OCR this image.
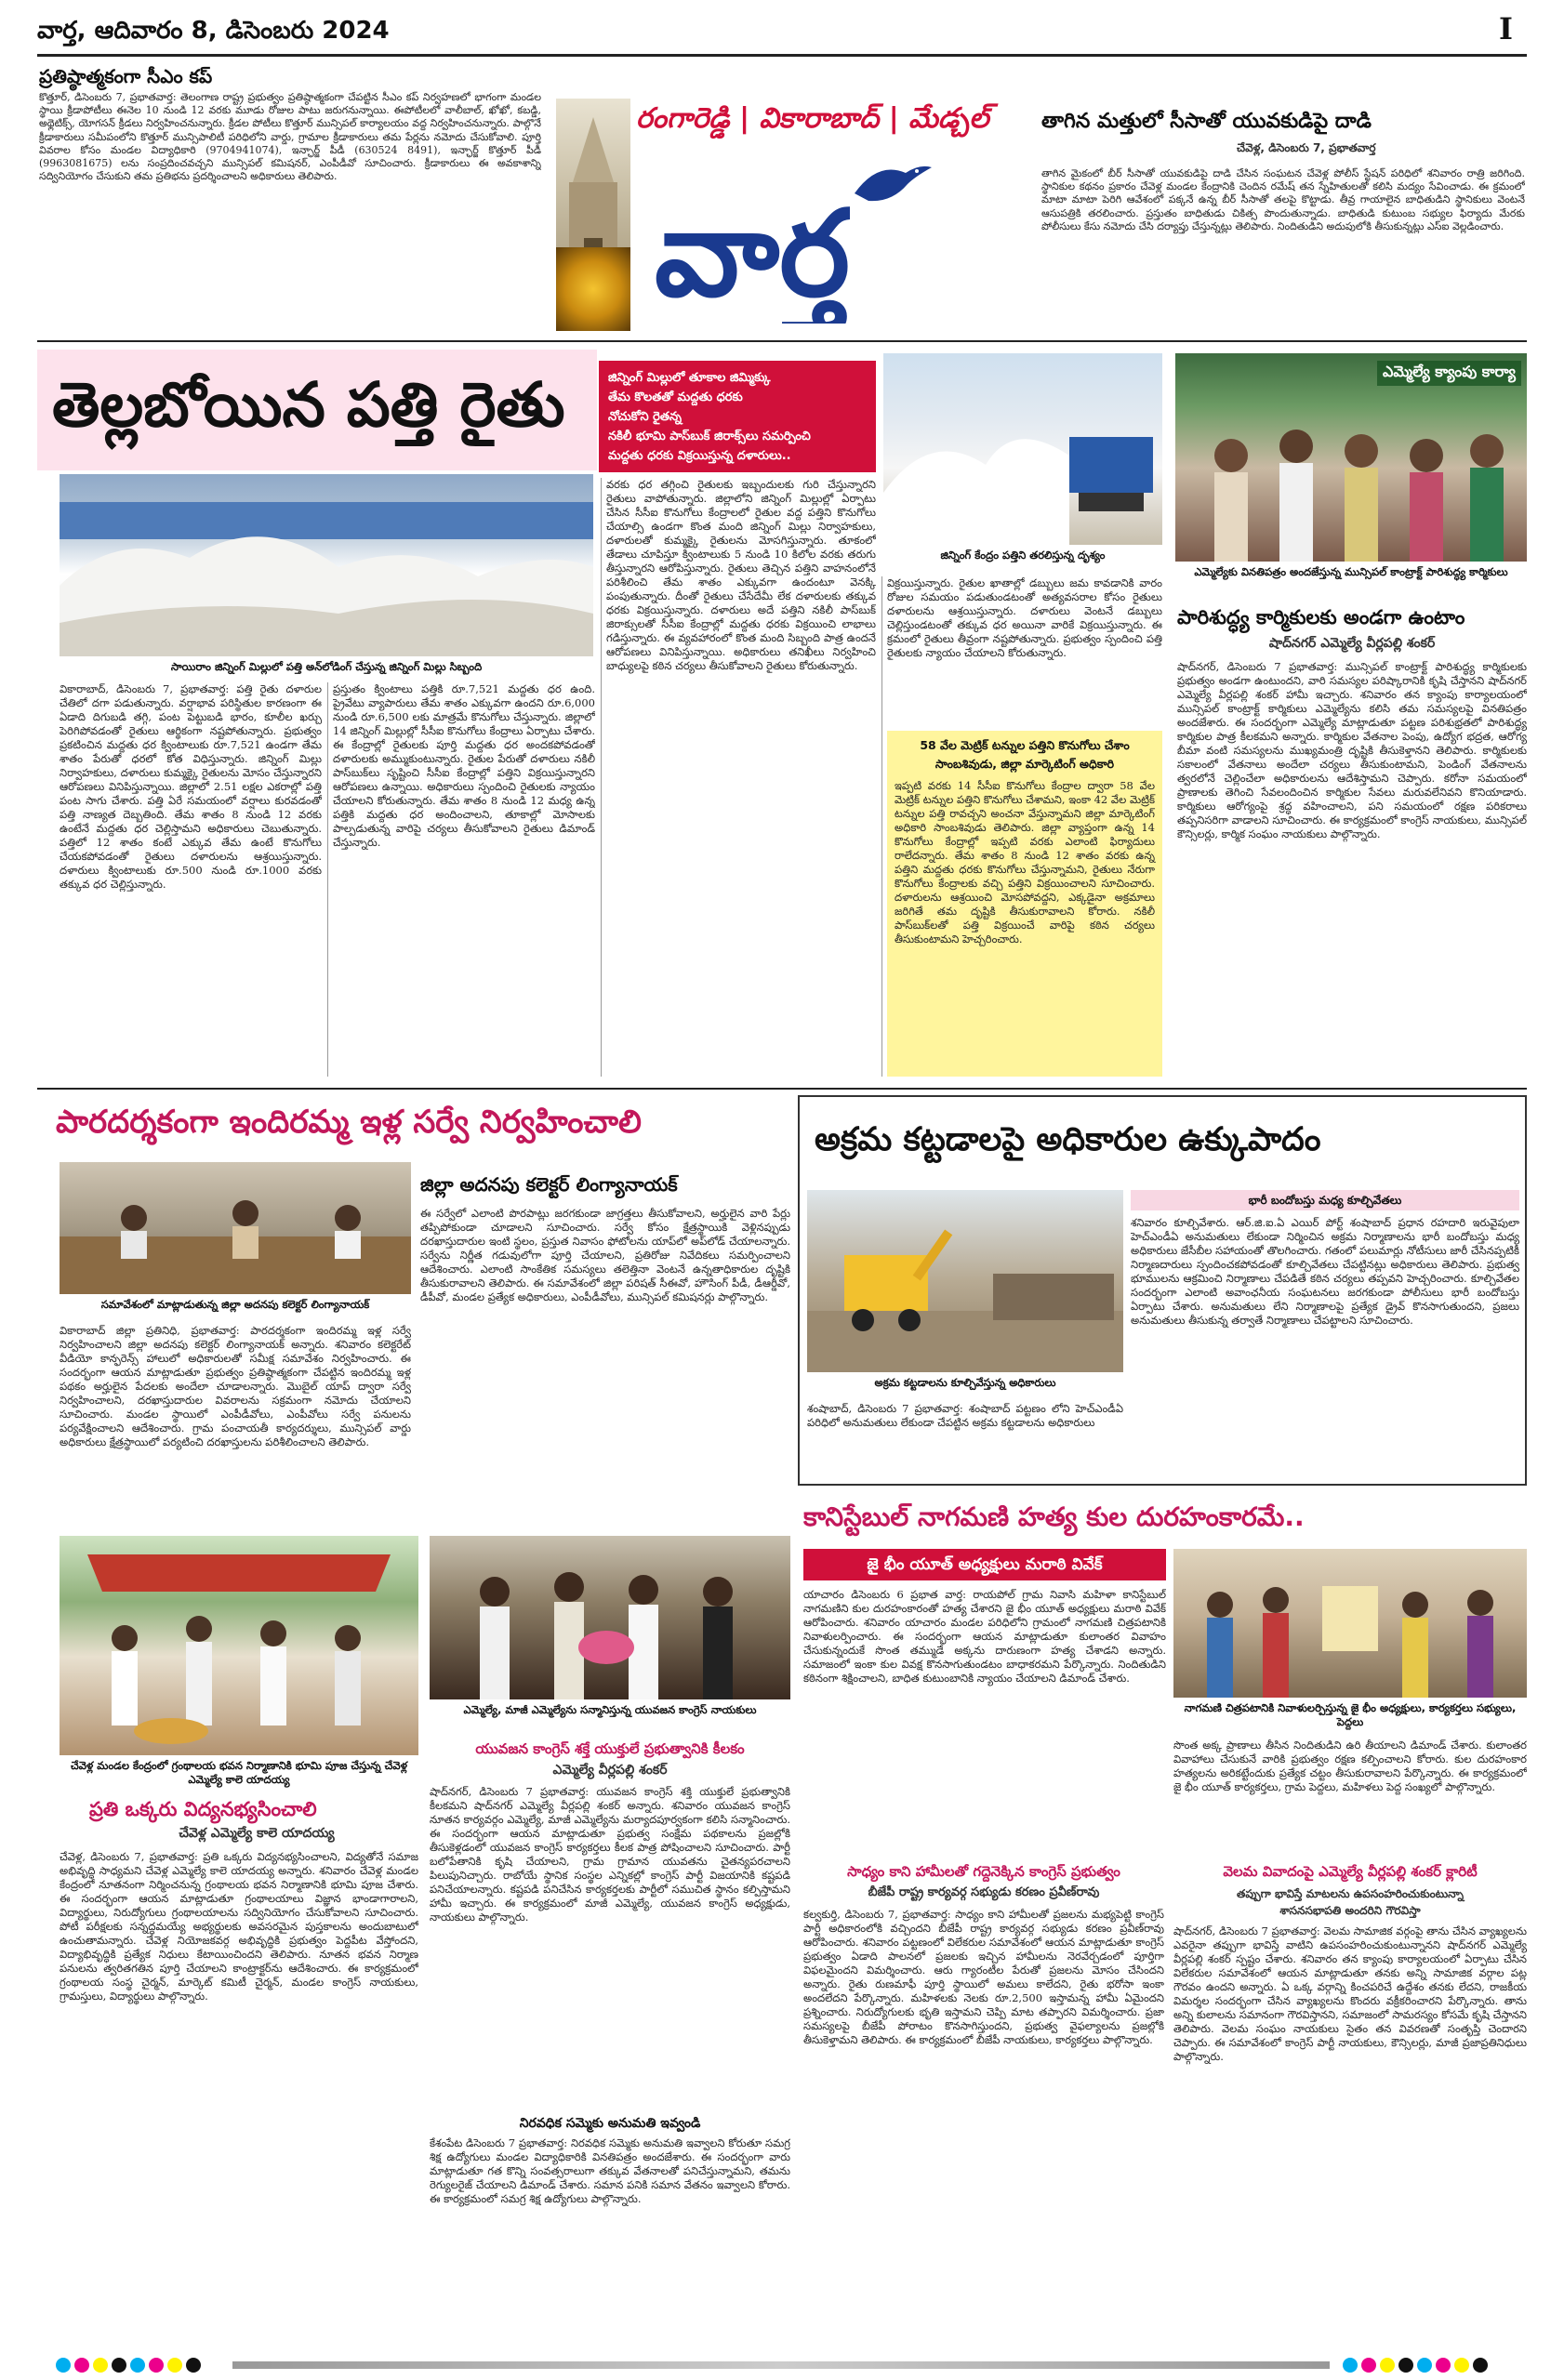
వార్త, ఆదివారం 8, డిసెంబరు 2024	I
ప్రతిష్ఠాత్మకంగా సీఎం కప్
కొత్తూర్, డిసెంబరు 7, ప్రభాతవార్త: తెలంగాణ రాష్ట్ర ప్రభుత్వం ప్రతిష్ఠాత్మకంగా చేపట్టిన సీఎం కప్ నిర్వహణలో భాగంగా మండల స్థాయి క్రీడాపోటీలు ఈనెల 10 నుండి 12 వరకు మూడు రోజుల పాటు జరుగనున్నాయి. ఈపోటీలలో వాలీబాల్, ఖోఖో, కబడ్డి, అథ్లెటిక్స్, యోగసన్ క్రీడలు నిర్వహించనున్నారు. క్రీడల పోటీలు కొత్తూర్ మున్సిపల్ కార్యాలయం వద్ద నిర్వహించనున్నారు. పాల్గొనే క్రీడాకారులు సమీపంలోని కొత్తూర్ మున్సిపాలిటీ పరిధిలోని వార్డు, గ్రామాల క్రీడాకారులు తమ పేర్లను నమోదు చేసుకోవాలి. పూర్తి వివరాల కోసం మండల విద్యాధికారి (9704941074), ఇన్ఛార్జ్ పీడీ (630524 8491), ఇన్ఛార్జ్ కొత్తూర్ పీడీ (9963081675) లను సంప్రదించవచ్చని మున్సిపల్ కమిషనర్, ఎంపీడీవో సూచించారు. క్రీడాకారులు ఈ అవకాశాన్ని సద్వినియోగం చేసుకుని తమ ప్రతిభను ప్రదర్శించాలని అధికారులు తెలిపారు.
రంగారెడ్డి | వికారాబాద్ | మేడ్చల్
వార్త
తాగిన మత్తులో సీసాతో యువకుడిపై దాడి
చేవెళ్ల, డిసెంబరు 7, ప్రభాతవార్త
తాగిన మైకంలో బీర్ సీసాతో యువకుడిపై దాడి చేసిన సంఘటన చేవెళ్ల పోలీస్ స్టేషన్ పరిధిలో శనివారం రాత్రి జరిగింది. స్థానికుల కథనం ప్రకారం చేవెళ్ల మండల కేంద్రానికి చెందిన రమేష్ తన స్నేహితులతో కలిసి మద్యం సేవించాడు. ఈ క్రమంలో మాటా మాటా పెరిగి ఆవేశంలో పక్కనే ఉన్న బీర్ సీసాతో తలపై కొట్టాడు. తీవ్ర గాయాలైన బాధితుడిని స్థానికులు వెంటనే ఆసుపత్రికి తరలించారు. ప్రస్తుతం బాధితుడు చికిత్స పొందుతున్నాడు. బాధితుడి కుటుంబ సభ్యుల ఫిర్యాదు మేరకు పోలీసులు కేసు నమోదు చేసి దర్యాప్తు చేస్తున్నట్లు తెలిపారు. నిందితుడిని అదుపులోకి తీసుకున్నట్లు ఎస్ఐ వెల్లడించారు.
తెల్లబోయిన పత్తి రైతు	జిన్నింగ్ మిల్లులో తూకాల జిమ్మిక్కు
తేమ కొలతతో మద్దతు ధరకు
నోచుకోని రైతన్న
నకిలీ భూమి పాస్‌బుక్ జిరాక్స్‌లు సమర్పించి
మద్దతు ధరకు విక్రయిస్తున్న దళారులు..
సాయిరాం జిన్నింగ్ మిల్లులో పత్తి అన్‌లోడింగ్ చేస్తున్న జిన్నింగ్ మిల్లు సిబ్బంది
జిన్నింగ్ కేంద్రం పత్తిని తరలిస్తున్న దృశ్యం
వికారాబాద్, డిసెంబరు 7, ప్రభాతవార్త: పత్తి రైతు దళారుల చేతిలో దగా పడుతున్నారు. వర్షాభావ పరిస్థితుల కారణంగా ఈ ఏడాది దిగుబడి తగ్గి, పంట పెట్టుబడి భారం, కూలీల ఖర్చు పెరిగిపోవడంతో రైతులు ఆర్థికంగా నష్టపోతున్నారు. ప్రభుత్వం ప్రకటించిన మద్దతు ధర క్వింటాలుకు రూ.7,521 ఉండగా తేమ శాతం పేరుతో ధరలో కోత విధిస్తున్నారు. జిన్నింగ్ మిల్లు నిర్వాహకులు, దళారులు కుమ్మక్కై రైతులను మోసం చేస్తున్నారని ఆరోపణలు వినిపిస్తున్నాయి. జిల్లాలో 2.51 లక్షల ఎకరాల్లో పత్తి పంట సాగు చేశారు. పత్తి ఏరే సమయంలో వర్షాలు కురవడంతో పత్తి నాణ్యత దెబ్బతింది. తేమ శాతం 8 నుండి 12 వరకు ఉంటేనే మద్దతు ధర చెల్లిస్తామని అధికారులు చెబుతున్నారు. పత్తిలో 12 శాతం కంటే ఎక్కువ తేమ ఉంటే కొనుగోలు చేయకపోవడంతో రైతులు దళారులను ఆశ్రయిస్తున్నారు. దళారులు క్వింటాలుకు రూ.500 నుండి రూ.1000 వరకు తక్కువ ధర చెల్లిస్తున్నారు.
ప్రస్తుతం క్వింటాలు పత్తికి రూ.7,521 మద్దతు ధర ఉంది. ప్రైవేటు వ్యాపారులు తేమ శాతం ఎక్కువగా ఉందని రూ.6,000 నుండి రూ.6,500 లకు మాత్రమే కొనుగోలు చేస్తున్నారు. జిల్లాలో 14 జిన్నింగ్ మిల్లుల్లో సీసీఐ కొనుగోలు కేంద్రాలు ఏర్పాటు చేశారు. ఈ కేంద్రాల్లో రైతులకు పూర్తి మద్దతు ధర అందకపోవడంతో దళారులకు అమ్ముకుంటున్నారు. రైతుల పేరుతో దళారులు నకిలీ పాస్‌బుక్‌లు సృష్టించి సీసీఐ కేంద్రాల్లో పత్తిని విక్రయిస్తున్నారని ఆరోపణలు ఉన్నాయి. అధికారులు స్పందించి రైతులకు న్యాయం చేయాలని కోరుతున్నారు. తేమ శాతం 8 నుండి 12 మధ్య ఉన్న పత్తికి మద్దతు ధర అందించాలని, తూకాల్లో మోసాలకు పాల్పడుతున్న వారిపై చర్యలు తీసుకోవాలని రైతులు డిమాండ్ చేస్తున్నారు.
వరకు ధర తగ్గించి రైతులకు ఇబ్బందులకు గురి చేస్తున్నారని రైతులు వాపోతున్నారు. జిల్లాలోని జిన్నింగ్ మిల్లుల్లో ఏర్పాటు చేసిన సీసీఐ కొనుగోలు కేంద్రాలలో రైతుల వద్ద పత్తిని కొనుగోలు చేయాల్సి ఉండగా కొంత మంది జిన్నింగ్ మిల్లు నిర్వాహకులు, దళారులతో కుమ్మక్కై రైతులను మోసగిస్తున్నారు. తూకంలో తేడాలు చూపిస్తూ క్వింటాలుకు 5 నుండి 10 కిలోల వరకు తరుగు తీస్తున్నారని ఆరోపిస్తున్నారు. రైతులు తెచ్చిన పత్తిని వాహనంలోనే పరిశీలించి తేమ శాతం ఎక్కువగా ఉందంటూ వెనక్కి పంపుతున్నారు. దీంతో రైతులు చేసేదేమీ లేక దళారులకు తక్కువ ధరకు విక్రయిస్తున్నారు. దళారులు అదే పత్తిని నకిలీ పాస్‌బుక్ జిరాక్సులతో సీసీఐ కేంద్రాల్లో మద్దతు ధరకు విక్రయించి లాభాలు గడిస్తున్నారు. ఈ వ్యవహారంలో కొంత మంది సిబ్బంది పాత్ర ఉందనే ఆరోపణలు వినిపిస్తున్నాయి. అధికారులు తనిఖీలు నిర్వహించి బాధ్యులపై కఠిన చర్యలు తీసుకోవాలని రైతులు కోరుతున్నారు.
విక్రయిస్తున్నారు. రైతుల ఖాతాల్లో డబ్బులు జమ కావడానికి వారం రోజుల సమయం పడుతుండటంతో అత్యవసరాల కోసం రైతులు దళారులను ఆశ్రయిస్తున్నారు. దళారులు వెంటనే డబ్బులు చెల్లిస్తుండటంతో తక్కువ ధర అయినా వారికే విక్రయిస్తున్నారు. ఈ క్రమంలో రైతులు తీవ్రంగా నష్టపోతున్నారు. ప్రభుత్వం స్పందించి పత్తి రైతులకు న్యాయం చేయాలని కోరుతున్నారు.
58 వేల మెట్రిక్ టన్నుల పత్తిని కొనుగోలు చేశాం
సాంబశివుడు, జిల్లా మార్కెటింగ్ అధికారి
ఇప్పటి వరకు 14 సీసీఐ కొనుగోలు కేంద్రాల ద్వారా 58 వేల మెట్రిక్ టన్నుల పత్తిని కొనుగోలు చేశామని, ఇంకా 42 వేల మెట్రిక్ టన్నుల పత్తి రావచ్చని అంచనా వేస్తున్నామని జిల్లా మార్కెటింగ్ అధికారి సాంబశివుడు తెలిపారు. జిల్లా వ్యాప్తంగా ఉన్న 14 కొనుగోలు కేంద్రాల్లో ఇప్పటి వరకు ఎలాంటి ఫిర్యాదులు రాలేదన్నారు. తేమ శాతం 8 నుండి 12 శాతం వరకు ఉన్న పత్తిని మద్దతు ధరకు కొనుగోలు చేస్తున్నామని, రైతులు నేరుగా కొనుగోలు కేంద్రాలకు వచ్చి పత్తిని విక్రయించాలని సూచించారు. దళారులను ఆశ్రయించి మోసపోవద్దని, ఎక్కడైనా అక్రమాలు జరిగితే తమ దృష్టికి తీసుకురావాలని కోరారు. నకిలీ పాస్‌బుక్‌లతో పత్తి విక్రయించే వారిపై కఠిన చర్యలు తీసుకుంటామని హెచ్చరించారు.
ఎమ్మెల్యే క్యాంపు కార్యా
ఎమ్మెల్యేకు వినతిపత్రం అందజేస్తున్న మున్సిపల్ కాంట్రాక్ట్ పారిశుద్ధ్య కార్మికులు
పారిశుద్ధ్య కార్మికులకు అండగా ఉంటాం
షాద్‌నగర్ ఎమ్మెల్యే వీర్లపల్లి శంకర్
షాద్‌నగర్, డిసెంబరు 7 ప్రభాతవార్త: మున్సిపల్ కాంట్రాక్ట్ పారిశుద్ధ్య కార్మికులకు ప్రభుత్వం అండగా ఉంటుందని, వారి సమస్యల పరిష్కారానికి కృషి చేస్తానని షాద్‌నగర్ ఎమ్మెల్యే వీర్లపల్లి శంకర్ హామీ ఇచ్చారు. శనివారం తన క్యాంపు కార్యాలయంలో మున్సిపల్ కాంట్రాక్ట్ కార్మికులు ఎమ్మెల్యేను కలిసి తమ సమస్యలపై వినతిపత్రం అందజేశారు. ఈ సందర్భంగా ఎమ్మెల్యే మాట్లాడుతూ పట్టణ పరిశుభ్రతలో పారిశుద్ధ్య కార్మికుల పాత్ర కీలకమని అన్నారు. కార్మికుల వేతనాల పెంపు, ఉద్యోగ భద్రత, ఆరోగ్య బీమా వంటి సమస్యలను ముఖ్యమంత్రి దృష్టికి తీసుకెళ్తానని తెలిపారు. కార్మికులకు సకాలంలో వేతనాలు అందేలా చర్యలు తీసుకుంటామని, పెండింగ్ వేతనాలను త్వరలోనే చెల్లించేలా అధికారులను ఆదేశిస్తామని చెప్పారు. కరోనా సమయంలో ప్రాణాలకు తెగించి సేవలందించిన కార్మికుల సేవలు మరువలేనివని కొనియాడారు. కార్మికులు ఆరోగ్యంపై శ్రద్ధ వహించాలని, పని సమయంలో రక్షణ పరికరాలు తప్పనిసరిగా వాడాలని సూచించారు. ఈ కార్యక్రమంలో కాంగ్రెస్ నాయకులు, మున్సిపల్ కౌన్సిలర్లు, కార్మిక సంఘం నాయకులు పాల్గొన్నారు.
పారదర్శకంగా ఇందిరమ్మ ఇళ్ల సర్వే నిర్వహించాలి
సమావేశంలో మాట్లాడుతున్న జిల్లా అదనపు కలెక్టర్ లింగ్యానాయక్
జిల్లా అదనపు కలెక్టర్ లింగ్యానాయక్
వికారాబాద్ జిల్లా ప్రతినిధి, ప్రభాతవార్త: పారదర్శకంగా ఇందిరమ్మ ఇళ్ల సర్వే నిర్వహించాలని జిల్లా అదనపు కలెక్టర్ లింగ్యానాయక్ అన్నారు. శనివారం కలెక్టరేట్ వీడియో కాన్ఫరెన్స్ హాలులో అధికారులతో సమీక్ష సమావేశం నిర్వహించారు. ఈ సందర్భంగా ఆయన మాట్లాడుతూ ప్రభుత్వం ప్రతిష్ఠాత్మకంగా చేపట్టిన ఇందిరమ్మ ఇళ్ల పథకం అర్హులైన పేదలకు అందేలా చూడాలన్నారు. మొబైల్ యాప్ ద్వారా సర్వే నిర్వహించాలని, దరఖాస్తుదారుల వివరాలను సక్రమంగా నమోదు చేయాలని సూచించారు. మండల స్థాయిలో ఎంపీడీవోలు, ఎంపీవోలు సర్వే పనులను పర్యవేక్షించాలని ఆదేశించారు. గ్రామ పంచాయతీ కార్యదర్శులు, మున్సిపల్ వార్డు అధికారులు క్షేత్రస్థాయిలో పర్యటించి దరఖాస్తులను పరిశీలించాలని తెలిపారు.
ఈ సర్వేలో ఎలాంటి పొరపాట్లు జరగకుండా జాగ్రత్తలు తీసుకోవాలని, అర్హులైన వారి పేర్లు తప్పిపోకుండా చూడాలని సూచించారు. సర్వే కోసం క్షేత్రస్థాయికి వెళ్లినప్పుడు దరఖాస్తుదారుల ఇంటి స్థలం, ప్రస్తుత నివాసం ఫోటోలను యాప్‌లో అప్‌లోడ్ చేయాలన్నారు. సర్వేను నిర్ణీత గడువులోగా పూర్తి చేయాలని, ప్రతిరోజు నివేదికలు సమర్పించాలని ఆదేశించారు. ఎలాంటి సాంకేతిక సమస్యలు తలెత్తినా వెంటనే ఉన్నతాధికారుల దృష్టికి తీసుకురావాలని తెలిపారు. ఈ సమావేశంలో జిల్లా పరిషత్ సీఈవో, హౌసింగ్ పీడీ, డీఆర్డీవో, డీపీవో, మండల ప్రత్యేక అధికారులు, ఎంపీడీవోలు, మున్సిపల్ కమిషనర్లు పాల్గొన్నారు.
అక్రమ కట్టడాలపై అధికారుల ఉక్కుపాదం
అక్రమ కట్టడాలను కూల్చివేస్తున్న అధికారులు
భారీ బందోబస్తు మధ్య కూల్చివేతలు
శనివారం కూల్చివేశారు. ఆర్.జి.ఐ.ఏ ఎయిర్ పోర్ట్ శంషాబాద్ ప్రధాన రహదారి ఇరువైపులా హెచ్ఎండీఏ అనుమతులు లేకుండా నిర్మించిన అక్రమ నిర్మాణాలను భారీ బందోబస్తు మధ్య అధికారులు జేసీబీల సహాయంతో తొలగించారు. గతంలో పలుమార్లు నోటీసులు జారీ చేసినప్పటికీ నిర్మాణదారులు స్పందించకపోవడంతో కూల్చివేతలు చేపట్టినట్లు అధికారులు తెలిపారు. ప్రభుత్వ భూములను ఆక్రమించి నిర్మాణాలు చేపడితే కఠిన చర్యలు తప్పవని హెచ్చరించారు. కూల్చివేతల సందర్భంగా ఎలాంటి అవాంఛనీయ సంఘటనలు జరగకుండా పోలీసులు భారీ బందోబస్తు ఏర్పాటు చేశారు. అనుమతులు లేని నిర్మాణాలపై ప్రత్యేక డ్రైవ్ కొనసాగుతుందని, ప్రజలు అనుమతులు తీసుకున్న తర్వాతే నిర్మాణాలు చేపట్టాలని సూచించారు.
శంషాబాద్, డిసెంబరు 7 ప్రభాతవార్త: శంషాబాద్ పట్టణం లోని హెచ్‌ఎండీఏ పరిధిలో అనుమతులు లేకుండా చేపట్టిన అక్రమ కట్టడాలను అధికారులు
కానిస్టేబుల్ నాగమణి హత్య కుల దురహంకారమే..
జై భీం యూత్ అధ్యక్షులు మరాఠి వివేక్
యాచారం డిసెంబరు 6 ప్రభాత వార్త: రాయపోల్ గ్రామ నివాసి మహిళా కానిస్టేబుల్ నాగమణిని కుల దురహంకారంతో హత్య చేశారని జై భీం యూత్ అధ్యక్షులు మరాఠి వివేక్ ఆరోపించారు. శనివారం యాచారం మండల పరిధిలోని గ్రామంలో నాగమణి చిత్రపటానికి నివాళులర్పించారు. ఈ సందర్భంగా ఆయన మాట్లాడుతూ కులాంతర వివాహం చేసుకున్నందుకే సొంత తమ్ముడే అక్కను దారుణంగా హత్య చేశాడని అన్నారు. సమాజంలో ఇంకా కుల వివక్ష కొనసాగుతుండటం బాధాకరమని పేర్కొన్నారు. నిందితుడిని కఠినంగా శిక్షించాలని, బాధిత కుటుంబానికి న్యాయం చేయాలని డిమాండ్ చేశారు.
నాగమణి చిత్రపటానికి నివాళులర్పిస్తున్న జై భీం అధ్యక్షులు, కార్యకర్తలు సభ్యులు, పెద్దలు
సొంత అక్క ప్రాణాలు తీసిన నిందితుడిని ఉరి తీయాలని డిమాండ్ చేశారు. కులాంతర వివాహాలు చేసుకునే వారికి ప్రభుత్వం రక్షణ కల్పించాలని కోరారు. కుల దురహంకార హత్యలను అరికట్టేందుకు ప్రత్యేక చట్టం తీసుకురావాలని పేర్కొన్నారు. ఈ కార్యక్రమంలో జై భీం యూత్ కార్యకర్తలు, గ్రామ పెద్దలు, మహిళలు పెద్ద సంఖ్యలో పాల్గొన్నారు.
చేవెళ్ల మండల కేంద్రంలో గ్రంథాలయ భవన నిర్మాణానికి భూమి పూజ చేస్తున్న చేవెళ్ల ఎమ్మెల్యే కాలె యాదయ్య
ప్రతి ఒక్కరు విద్యనభ్యసించాలి
చేవెళ్ల ఎమ్మెల్యే కాలె యాదయ్య
చేవెళ్ల, డిసెంబరు 7, ప్రభాతవార్త: ప్రతి ఒక్కరు విద్యనభ్యసించాలని, విద్యతోనే సమాజ అభివృద్ధి సాధ్యమని చేవెళ్ల ఎమ్మెల్యే కాలె యాదయ్య అన్నారు. శనివారం చేవెళ్ల మండల కేంద్రంలో నూతనంగా నిర్మించనున్న గ్రంథాలయ భవన నిర్మాణానికి భూమి పూజ చేశారు. ఈ సందర్భంగా ఆయన మాట్లాడుతూ గ్రంథాలయాలు విజ్ఞాన భాండాగారాలని, విద్యార్థులు, నిరుద్యోగులు గ్రంథాలయాలను సద్వినియోగం చేసుకోవాలని సూచించారు. పోటీ పరీక్షలకు సన్నద్ధమయ్యే అభ్యర్థులకు అవసరమైన పుస్తకాలను అందుబాటులో ఉంచుతామన్నారు. చేవెళ్ల నియోజకవర్గ అభివృద్ధికి ప్రభుత్వం పెద్దపీట వేస్తోందని, విద్యాభివృద్ధికి ప్రత్యేక నిధులు కేటాయించిందని తెలిపారు. నూతన భవన నిర్మాణ పనులను త్వరితగతిన పూర్తి చేయాలని కాంట్రాక్టర్‌ను ఆదేశించారు. ఈ కార్యక్రమంలో గ్రంథాలయ సంస్థ చైర్మన్, మార్కెట్ కమిటీ చైర్మన్, మండల కాంగ్రెస్ నాయకులు, గ్రామస్తులు, విద్యార్థులు పాల్గొన్నారు.
ఎమ్మెల్యే, మాజీ ఎమ్మెల్యేను సన్మానిస్తున్న యువజన కాంగ్రెస్ నాయకులు
యువజన కాంగ్రెస్ శక్తే యుక్తులే ప్రభుత్వానికి కీలకం
ఎమ్మెల్యే వీర్లపల్లి శంకర్
షాద్‌నగర్, డిసెంబరు 7 ప్రభాతవార్త: యువజన కాంగ్రెస్ శక్తి యుక్తులే ప్రభుత్వానికి కీలకమని షాద్‌నగర్ ఎమ్మెల్యే వీర్లపల్లి శంకర్ అన్నారు. శనివారం యువజన కాంగ్రెస్ నూతన కార్యవర్గం ఎమ్మెల్యే, మాజీ ఎమ్మెల్యేను మర్యాదపూర్వకంగా కలిసి సన్మానించారు. ఈ సందర్భంగా ఆయన మాట్లాడుతూ ప్రభుత్వ సంక్షేమ పథకాలను ప్రజల్లోకి తీసుకెళ్లడంలో యువజన కాంగ్రెస్ కార్యకర్తలు కీలక పాత్ర పోషించాలని సూచించారు. పార్టీ బలోపేతానికి కృషి చేయాలని, గ్రామ గ్రామాన యువతను చైతన్యపరచాలని పిలుపునిచ్చారు. రాబోయే స్థానిక సంస్థల ఎన్నికల్లో కాంగ్రెస్ పార్టీ విజయానికి కష్టపడి పనిచేయాలన్నారు. కష్టపడి పనిచేసిన కార్యకర్తలకు పార్టీలో సముచిత స్థానం కల్పిస్తామని హామీ ఇచ్చారు. ఈ కార్యక్రమంలో మాజీ ఎమ్మెల్యే, యువజన కాంగ్రెస్ అధ్యక్షుడు, నాయకులు పాల్గొన్నారు.
నిరవధిక సమ్మెకు అనుమతి ఇవ్వండి
కేశంపేట డిసెంబరు 7 ప్రభాతవార్త: నిరవధిక సమ్మెకు అనుమతి ఇవ్వాలని కోరుతూ సమగ్ర శిక్ష ఉద్యోగులు మండల విద్యాధికారికి వినతిపత్రం అందజేశారు. ఈ సందర్భంగా వారు మాట్లాడుతూ గత కొన్ని సంవత్సరాలుగా తక్కువ వేతనాలతో పనిచేస్తున్నామని, తమను రెగ్యులరైజ్ చేయాలని డిమాండ్ చేశారు. సమాన పనికి సమాన వేతనం ఇవ్వాలని కోరారు. ఈ కార్యక్రమంలో సమగ్ర శిక్ష ఉద్యోగులు పాల్గొన్నారు.
సాధ్యం కాని హామీలతో గద్దెనెక్కిన కాంగ్రెస్ ప్రభుత్వం
బీజేపీ రాష్ట్ర కార్యవర్గ సభ్యుడు కరణం ప్రవీణ్‌రావు
కల్వకుర్తి, డిసెంబరు 7, ప్రభాతవార్త: సాధ్యం కాని హామీలతో ప్రజలను మభ్యపెట్టి కాంగ్రెస్ పార్టీ అధికారంలోకి వచ్చిందని బీజేపీ రాష్ట్ర కార్యవర్గ సభ్యుడు కరణం ప్రవీణ్‌రావు ఆరోపించారు. శనివారం పట్టణంలో విలేకరుల సమావేశంలో ఆయన మాట్లాడుతూ కాంగ్రెస్ ప్రభుత్వం ఏడాది పాలనలో ప్రజలకు ఇచ్చిన హామీలను నెరవేర్చడంలో పూర్తిగా విఫలమైందని విమర్శించారు. ఆరు గ్యారంటీల పేరుతో ప్రజలను మోసం చేసిందని అన్నారు. రైతు రుణమాఫీ పూర్తి స్థాయిలో అమలు కాలేదని, రైతు భరోసా ఇంకా అందలేదని పేర్కొన్నారు. మహిళలకు నెలకు రూ.2,500 ఇస్తామన్న హామీ ఏమైందని ప్రశ్నించారు. నిరుద్యోగులకు భృతి ఇస్తామని చెప్పి మాట తప్పారని విమర్శించారు. ప్రజా సమస్యలపై బీజేపీ పోరాటం కొనసాగిస్తుందని, ప్రభుత్వ వైఫల్యాలను ప్రజల్లోకి తీసుకెళ్తామని తెలిపారు. ఈ కార్యక్రమంలో బీజేపీ నాయకులు, కార్యకర్తలు పాల్గొన్నారు.
వెలమ వివాదంపై ఎమ్మెల్యే వీర్లపల్లి శంకర్ క్లారిటీ
తప్పుగా భావిస్తే మాటలను ఉపసంహరించుకుంటున్నా
శాసనసభాపతి అందరిని గౌరవిస్తా
షాద్‌నగర్, డిసెంబరు 7 ప్రభాతవార్త: వెలమ సామాజిక వర్గంపై తాను చేసిన వ్యాఖ్యలను ఎవరైనా తప్పుగా భావిస్తే వాటిని ఉపసంహరించుకుంటున్నానని షాద్‌నగర్ ఎమ్మెల్యే వీర్లపల్లి శంకర్ స్పష్టం చేశారు. శనివారం తన క్యాంపు కార్యాలయంలో ఏర్పాటు చేసిన విలేకరుల సమావేశంలో ఆయన మాట్లాడుతూ తనకు అన్ని సామాజిక వర్గాల పట్ల గౌరవం ఉందని అన్నారు. ఏ ఒక్క వర్గాన్ని కించపరిచే ఉద్దేశం తనకు లేదని, రాజకీయ విమర్శల సందర్భంగా చేసిన వ్యాఖ్యలను కొందరు వక్రీకరించారని పేర్కొన్నారు. తాను అన్ని కులాలను సమానంగా గౌరవిస్తానని, సమాజంలో సామరస్యం కోసమే కృషి చేస్తానని తెలిపారు. వెలమ సంఘం నాయకులు సైతం తన వివరణతో సంతృప్తి చెందారని చెప్పారు. ఈ సమావేశంలో కాంగ్రెస్ పార్టీ నాయకులు, కౌన్సిలర్లు, మాజీ ప్రజాప్రతినిధులు పాల్గొన్నారు.
